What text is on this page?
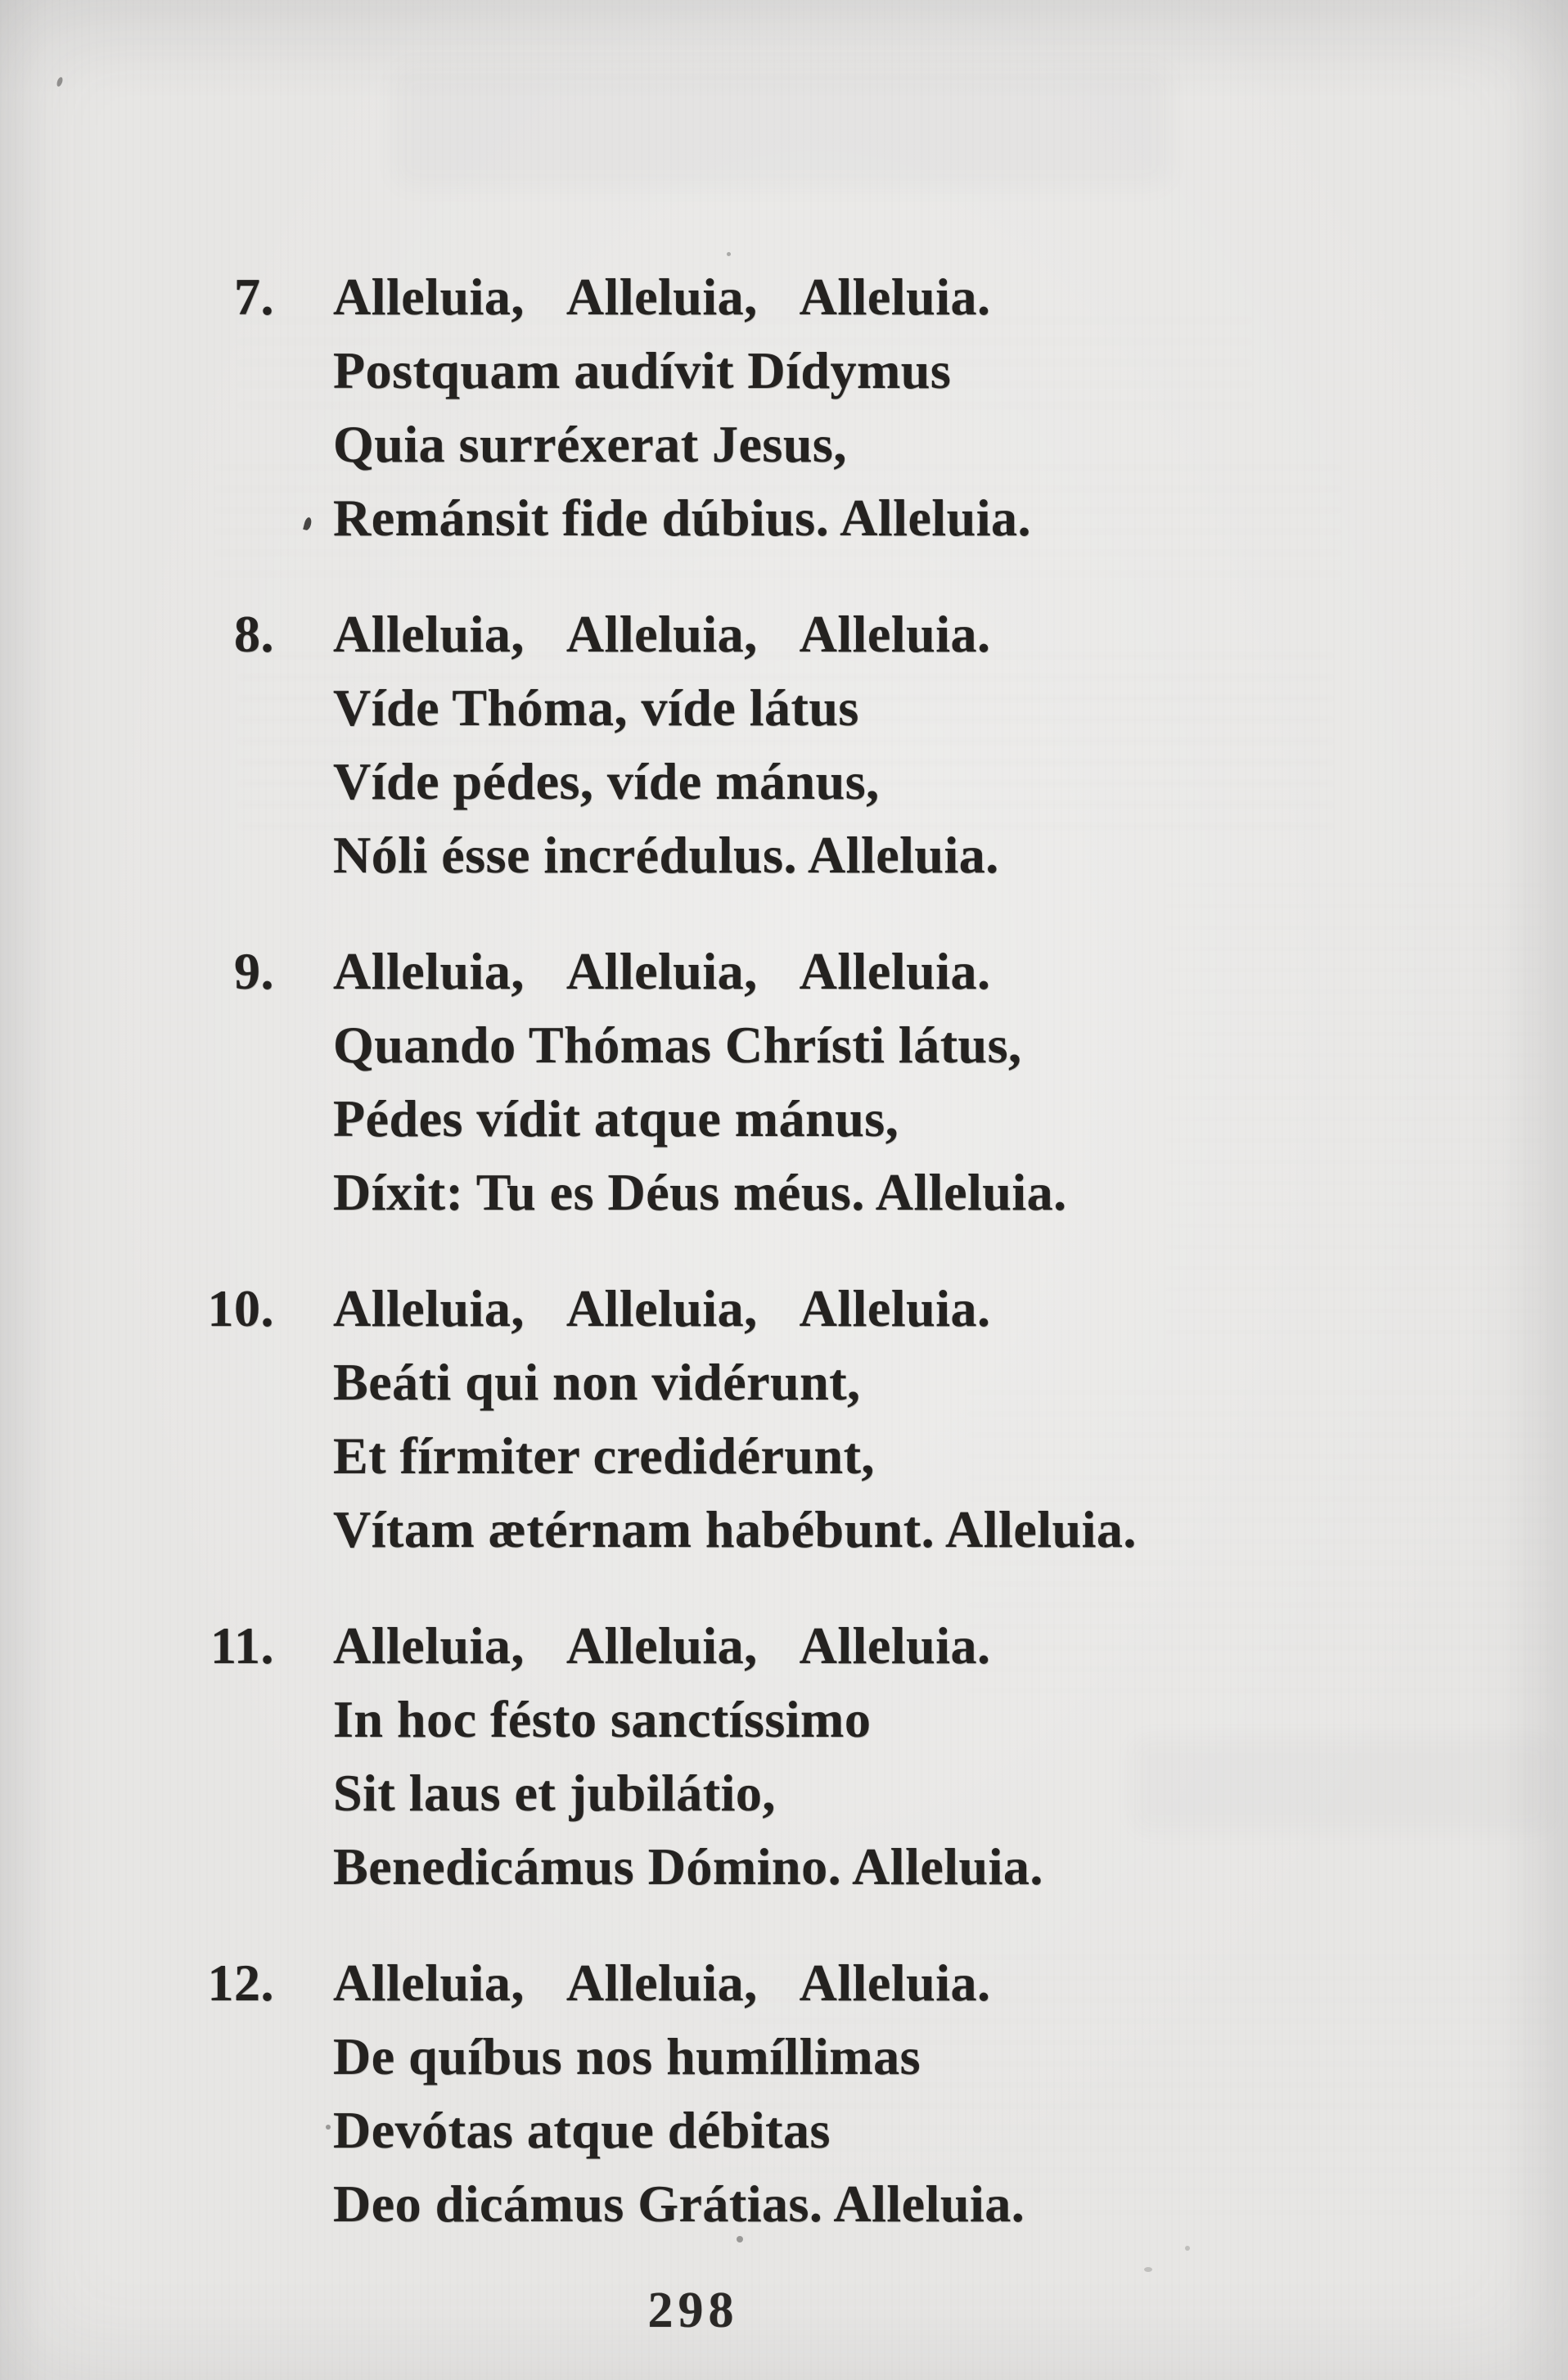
7. Alleluia, Alleluia, Alleluia.

Postquam audívit Dídymus

Quia surréxerat Jesus,

Remánsit fide dúbius. Alleluia.

8. Alleluia, Alleluia, Alleluia.

Víde Thóma, víde látus

Víde pédes, víde mánus,

Nóli ésse incrédulus. Alleluia.

9. Alleluia, Alleluia, Alleluia.

Quando Thómas Chrísti látus,

Pédes vídit atque mánus,

Díxit: Tu es Déus méus. Alleluia.

10. Alleluia, Alleluia, Alleluia.

Beáti qui non vidérunt,

Et fírmiter credidérunt,

Vítam ætérnam habébunt. Alleluia.

11. Alleluia, Alleluia, Alleluia.

In hoc fésto sanctíssimo

Sit laus et jubilátio,

Benedicámus Dómino. Alleluia.

12. Alleluia, Alleluia, Alleluia.

De quíbus nos humíllimas

Devótas atque débitas

Deo dicámus Grátias. Alleluia.

298
